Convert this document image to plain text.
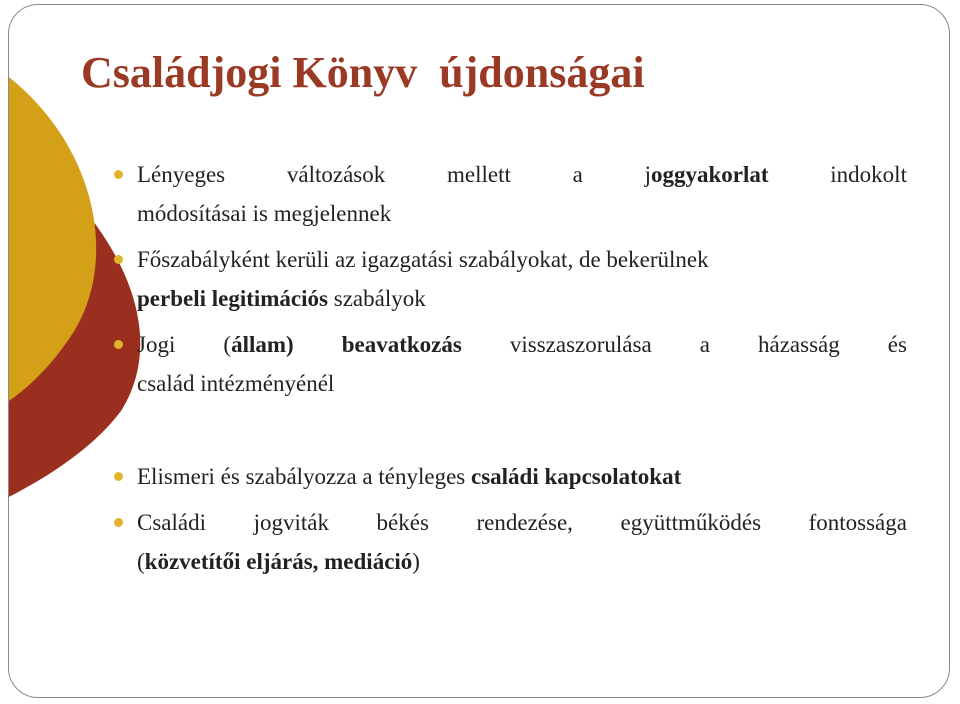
Családjogi Könyv  újdonságai
Lényeges	változások	mellett	a	joggyakorlat	indokolt
módosításai is megjelennek
Főszabályként kerüli az igazgatási szabályokat, de bekerülnek
perbeli legitimációs szabályok
Jogi (állam) beavatkozás visszaszorulása a házasság és
család intézményénél
Elismeri és szabályozza a tényleges családi kapcsolatokat
Családi jogviták békés rendezése, együttműködés fontossága
(közvetítői eljárás, mediáció)
